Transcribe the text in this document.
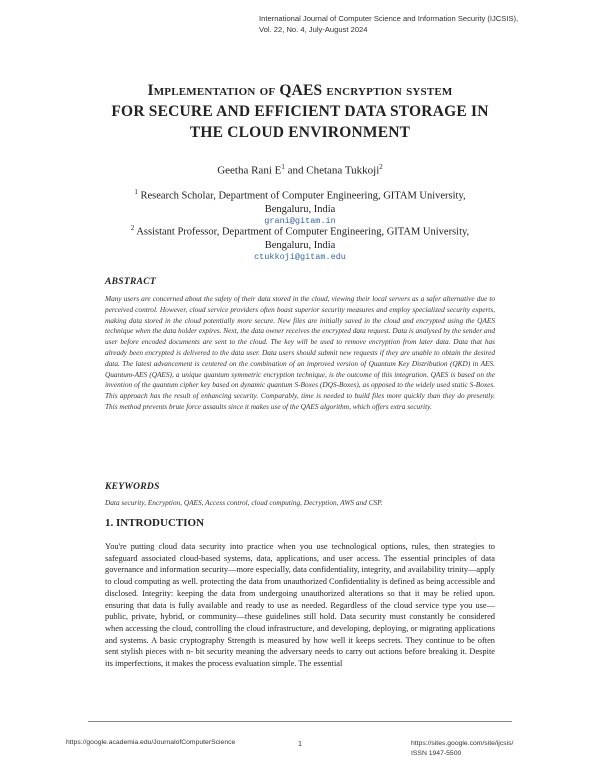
International Journal of Computer Science and Information Security (IJCSIS),
Vol. 22, No. 4, July-August 2024
Implementation of QAES encryption system
FOR SECURE AND EFFICIENT DATA STORAGE IN
THE CLOUD ENVIRONMENT
Geetha Rani $E^1$ and Chetana Tukkoji$^2$
$^1$ Research Scholar, Department of Computer Engineering, GITAM University,
Bengaluru, India
grani@gitam.in
$^2$ Assistant Professor, Department of Computer Engineering, GITAM University,
Bengaluru, India
ctukkoji@gitam.edu
ABSTRACT
Many users are concerned about the safety of their data stored in the cloud, viewing their local servers as a safer alternative due to perceived control. However, cloud service providers often boast superior security measures and employ specialized security experts, making data stored in the cloud potentially more secure. New files are initially saved in the cloud and encrypted using the QAES technique when the data holder expires. Next, the data owner receives the encrypted data request. Data is analysed by the sender and user before encoded documents are sent to the cloud. The key will be used to remove encryption from later data. Data that has already been encrypted is delivered to the data user. Data users should submit new requests if they are unable to obtain the desired data. The latest advancement is centered on the combination of an improved version of Quantum Key Distribution (QKD) in AES. Quantum-AES (QAES), a unique quantum symmetric encryption technique, is the outcome of this integration. QAES is based on the invention of the quantum cipher key based on dynamic quantum S-Boxes (DQS-Boxes), as opposed to the widely used static S-Boxes. This approach has the result of enhancing security. Comparably, time is needed to build files more quickly than they do presently. This method prevents brute force assaults since it makes use of the QAES algorithm, which offers extra security.
KEYWORDS
Data security, Encryption, QAES, Access control, cloud computing, Decryption, AWS and CSP.
1. INTRODUCTION
You're putting cloud data security into practice when you use technological options, rules, then strategies to safeguard associated cloud-based systems, data, applications, and user access. The essential principles of data governance and information security—more especially, data confidentiality, integrity, and availability trinity—apply to cloud computing as well. protecting the data from unauthorized Confidentiality is defined as being accessible and disclosed. Integrity: keeping the data from undergoing unauthorized alterations so that it may be relied upon. ensuring that data is fully available and ready to use as needed. Regardless of the cloud service type you use—public, private, hybrid, or community—these guidelines still hold. Data security must constantly be considered when accessing the cloud, controlling the cloud infrastructure, and developing, deploying, or migrating applications and systems. A basic cryptography Strength is measured by how well it keeps secrets. They continue to be often sent stylish pieces with n- bit security meaning the adversary needs to carry out actions before breaking it. Despite its imperfections, it makes the process evaluation simple. The essential
https://google.academia.edu/JournalofComputerScience	1	https://sites.google.com/site/ijcsis/
ISSN 1947-5500
